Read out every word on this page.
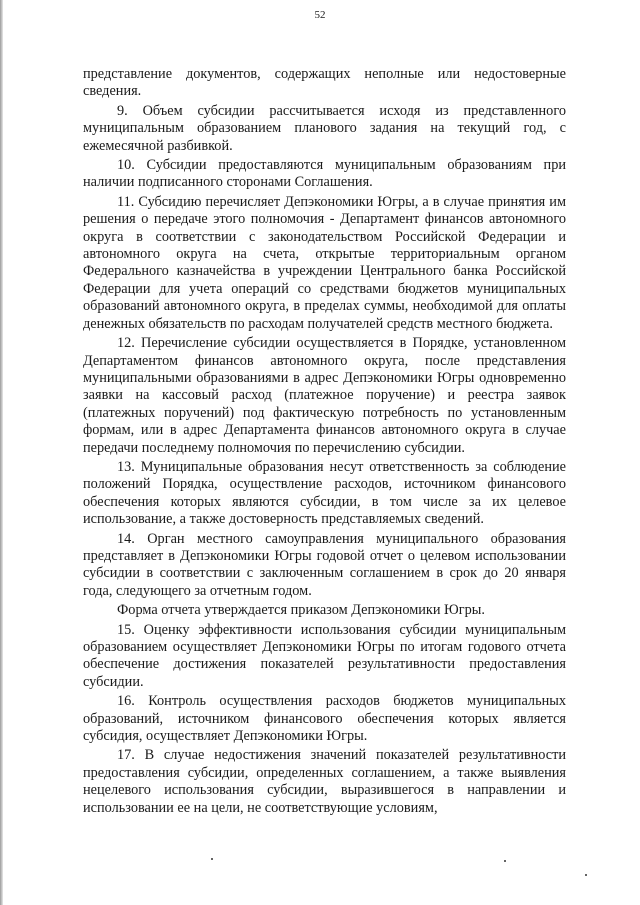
52

представление документов, содержащих неполные или недостоверные сведения.

9. Объем субсидии рассчитывается исходя из представленного муниципальным образованием планового задания на текущий год, с ежемесячной разбивкой.

10. Субсидии предоставляются муниципальным образованиям при наличии подписанного сторонами Соглашения.

11. Субсидию перечисляет Депэкономики Югры, а в случае принятия им решения о передаче этого полномочия - Департамент финансов автономного округа в соответствии с законодательством Российской Федерации и автономного округа на счета, открытые территориальным органом Федерального казначейства в учреждении Центрального банка Российской Федерации для учета операций со средствами бюджетов муниципальных образований автономного округа, в пределах суммы, необходимой для оплаты денежных обязательств по расходам получателей средств местного бюджета.

12. Перечисление субсидии осуществляется в Порядке, установленном Департаментом финансов автономного округа, после представления муниципальными образованиями в адрес Депэкономики Югры одновременно заявки на кассовый расход (платежное поручение) и реестра заявок (платежных поручений) под фактическую потребность по установленным формам, или в адрес Департамента финансов автономного округа в случае передачи последнему полномочия по перечислению субсидии.

13. Муниципальные образования несут ответственность за соблюдение положений Порядка, осуществление расходов, источником финансового обеспечения которых являются субсидии, в том числе за их целевое использование, а также достоверность представляемых сведений.

14. Орган местного самоуправления муниципального образования представляет в Депэкономики Югры годовой отчет о целевом использовании субсидии в соответствии с заключенным соглашением в срок до 20 января года, следующего за отчетным годом.

Форма отчета утверждается приказом Депэкономики Югры.

15. Оценку эффективности использования субсидии муниципальным образованием осуществляет Депэкономики Югры по итогам годового отчета обеспечение достижения показателей результативности предоставления субсидии.

16. Контроль осуществления расходов бюджетов муниципальных образований, источником финансового обеспечения которых является субсидия, осуществляет Депэкономики Югры.

17. В случае недостижения значений показателей результативности предоставления субсидии, определенных соглашением, а также выявления нецелевого использования субсидии, выразившегося в направлении и использовании ее на цели, не соответствующие условиям,
